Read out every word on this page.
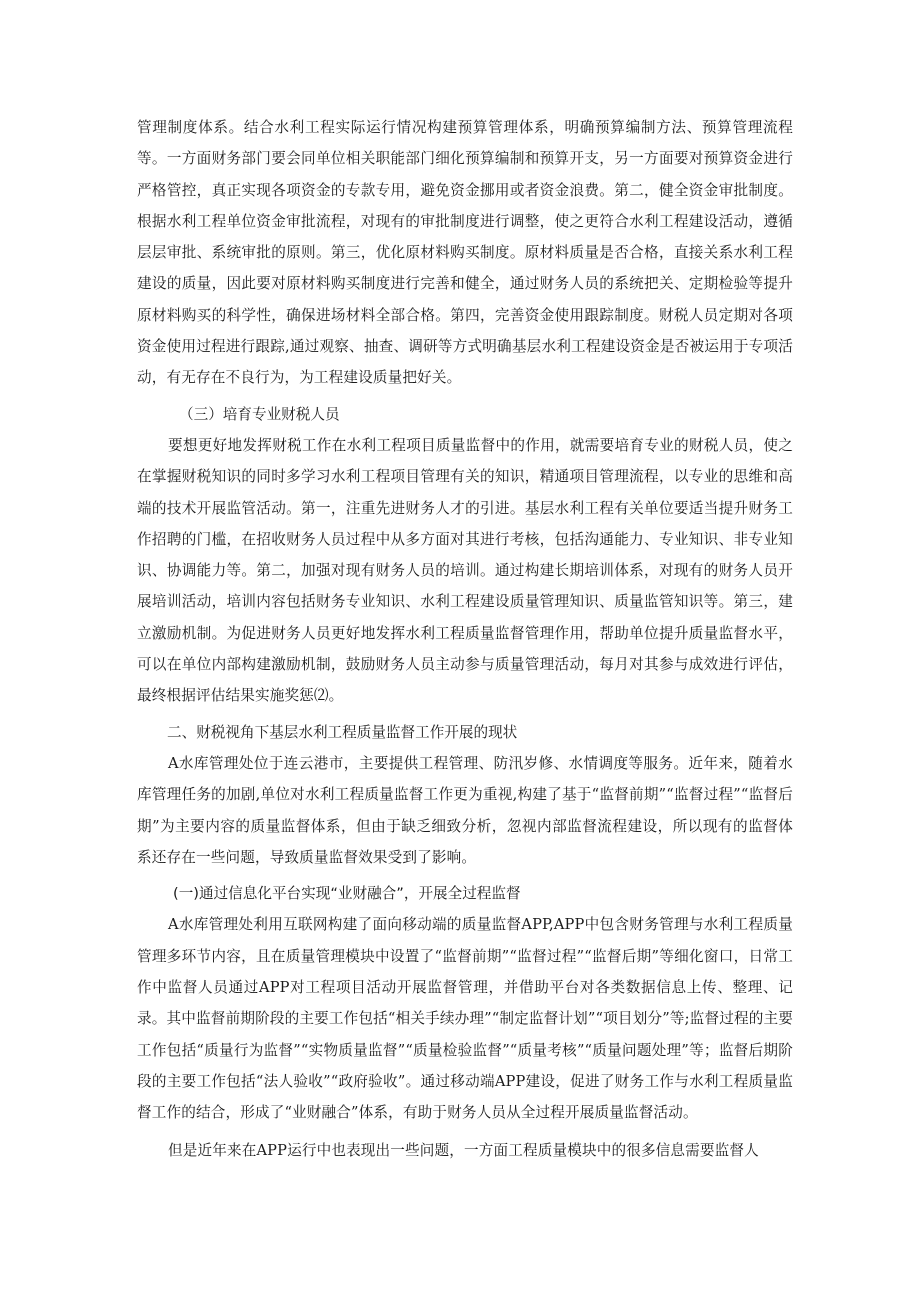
管理制度体系。结合水利工程实际运行情况构建预算管理体系，明确预算编制方法、预算管理流程等。一方面财务部门要会同单位相关职能部门细化预算编制和预算开支，另一方面要对预算资金进行严格管控，真正实现各项资金的专款专用，避免资金挪用或者资金浪费。第二，健全资金审批制度。根据水利工程单位资金审批流程，对现有的审批制度进行调整，使之更符合水利工程建设活动，遵循层层审批、系统审批的原则。第三，优化原材料购买制度。原材料质量是否合格，直接关系水利工程建设的质量，因此要对原材料购买制度进行完善和健全，通过财务人员的系统把关、定期检验等提升原材料购买的科学性，确保进场材料全部合格。第四，完善资金使用跟踪制度。财税人员定期对各项资金使用过程进行跟踪,通过观察、抽查、调研等方式明确基层水利工程建设资金是否被运用于专项活动，有无存在不良行为，为工程建设质量把好关。

（三）培育专业财税人员

要想更好地发挥财税工作在水利工程项目质量监督中的作用，就需要培育专业的财税人员，使之在掌握财税知识的同时多学习水利工程项目管理有关的知识，精通项目管理流程，以专业的思维和高端的技术开展监管活动。第一，注重先进财务人才的引进。基层水利工程有关单位要适当提升财务工作招聘的门槛，在招收财务人员过程中从多方面对其进行考核，包括沟通能力、专业知识、非专业知识、协调能力等。第二，加强对现有财务人员的培训。通过构建长期培训体系，对现有的财务人员开展培训活动，培训内容包括财务专业知识、水利工程建设质量管理知识、质量监管知识等。第三，建立激励机制。为促进财务人员更好地发挥水利工程质量监督管理作用，帮助单位提升质量监督水平，可以在单位内部构建激励机制，鼓励财务人员主动参与质量管理活动，每月对其参与成效进行评估，最终根据评估结果实施奖惩⑵。

二、财税视角下基层水利工程质量监督工作开展的现状

A水库管理处位于连云港市，主要提供工程管理、防汛岁修、水情调度等服务。近年来，随着水库管理任务的加剧,单位对水利工程质量监督工作更为重视,构建了基于“监督前期”“监督过程”“监督后期”为主要内容的质量监督体系，但由于缺乏细致分析，忽视内部监督流程建设，所以现有的监督体系还存在一些问题，导致质量监督效果受到了影响。

(一)通过信息化平台实现“业财融合”，开展全过程监督

A水库管理处利用互联网构建了面向移动端的质量监督APP,APP中包含财务管理与水利工程质量管理多环节内容，且在质量管理模块中设置了“监督前期”“监督过程”“监督后期”等细化窗口，日常工作中监督人员通过APP对工程项目活动开展监督管理，并借助平台对各类数据信息上传、整理、记录。其中监督前期阶段的主要工作包括“相关手续办理”“制定监督计划”“项目划分”等;监督过程的主要工作包括“质量行为监督”“实物质量监督”“质量检验监督”“质量考核”“质量问题处理”等；监督后期阶段的主要工作包括“法人验收”“政府验收”。通过移动端APP建设，促进了财务工作与水利工程质量监督工作的结合，形成了“业财融合”体系，有助于财务人员从全过程开展质量监督活动。

但是近年来在APP运行中也表现出一些问题，一方面工程质量模块中的很多信息需要监督人
